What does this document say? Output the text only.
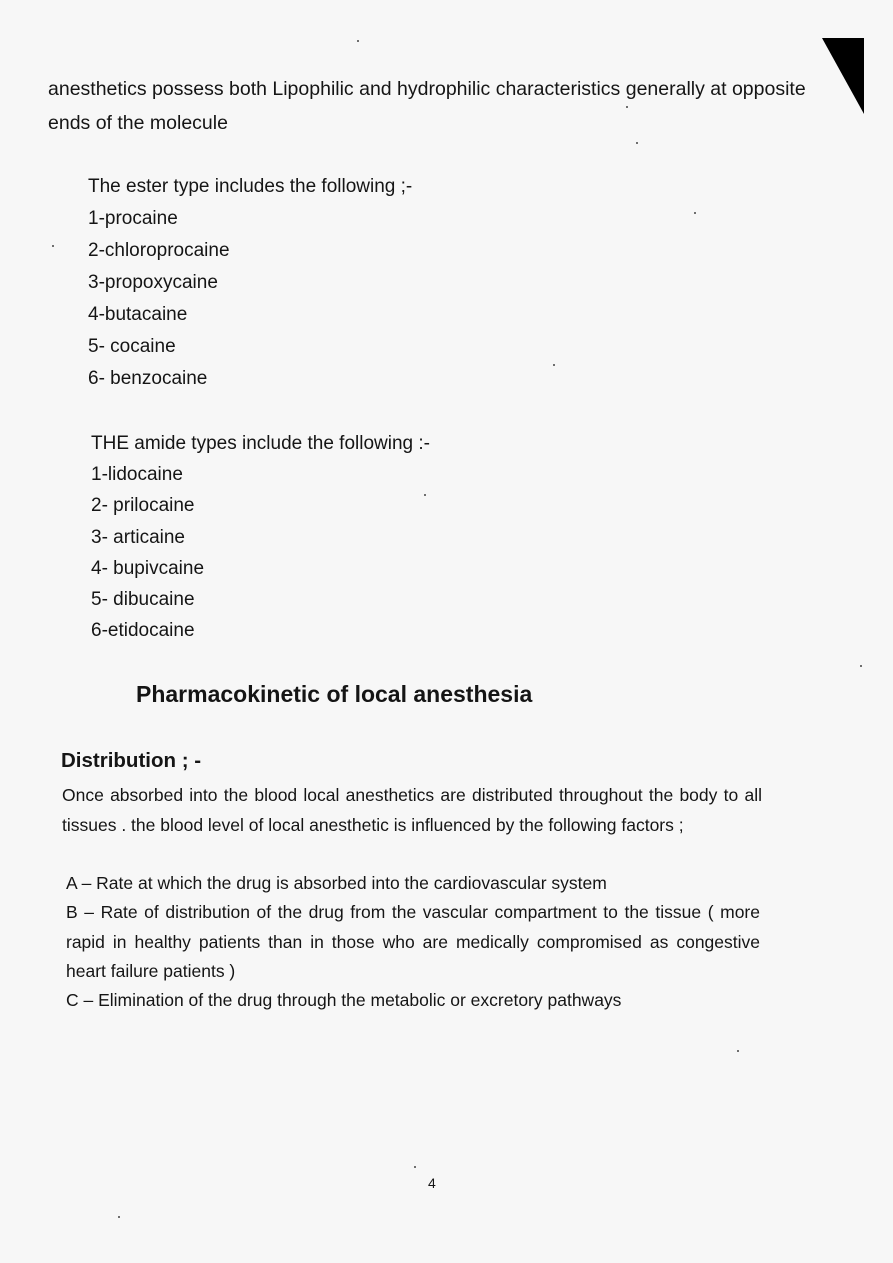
anesthetics possess both Lipophilic and hydrophilic characteristics generally at opposite ends of the molecule

The ester type includes the following ;-

1-procaine
2-chloroprocaine
3-propoxycaine
4-butacaine
5- cocaine
6- benzocaine

THE amide types include the following :-

1-lidocaine
2- prilocaine
3- articaine
4- bupivcaine
5- dibucaine
6-etidocaine
Pharmacokinetic of local anesthesia
Distribution ; -

Once absorbed into the blood local anesthetics are distributed throughout the body to all tissues . the blood level of local anesthetic is influenced by the following factors ;

A – Rate at which the drug is absorbed into the cardiovascular system

B – Rate of distribution of the drug from the vascular compartment to the tissue ( more rapid in healthy patients than in those who are medically compromised as congestive heart failure patients )

C – Elimination of the drug through the metabolic or excretory pathways

4
